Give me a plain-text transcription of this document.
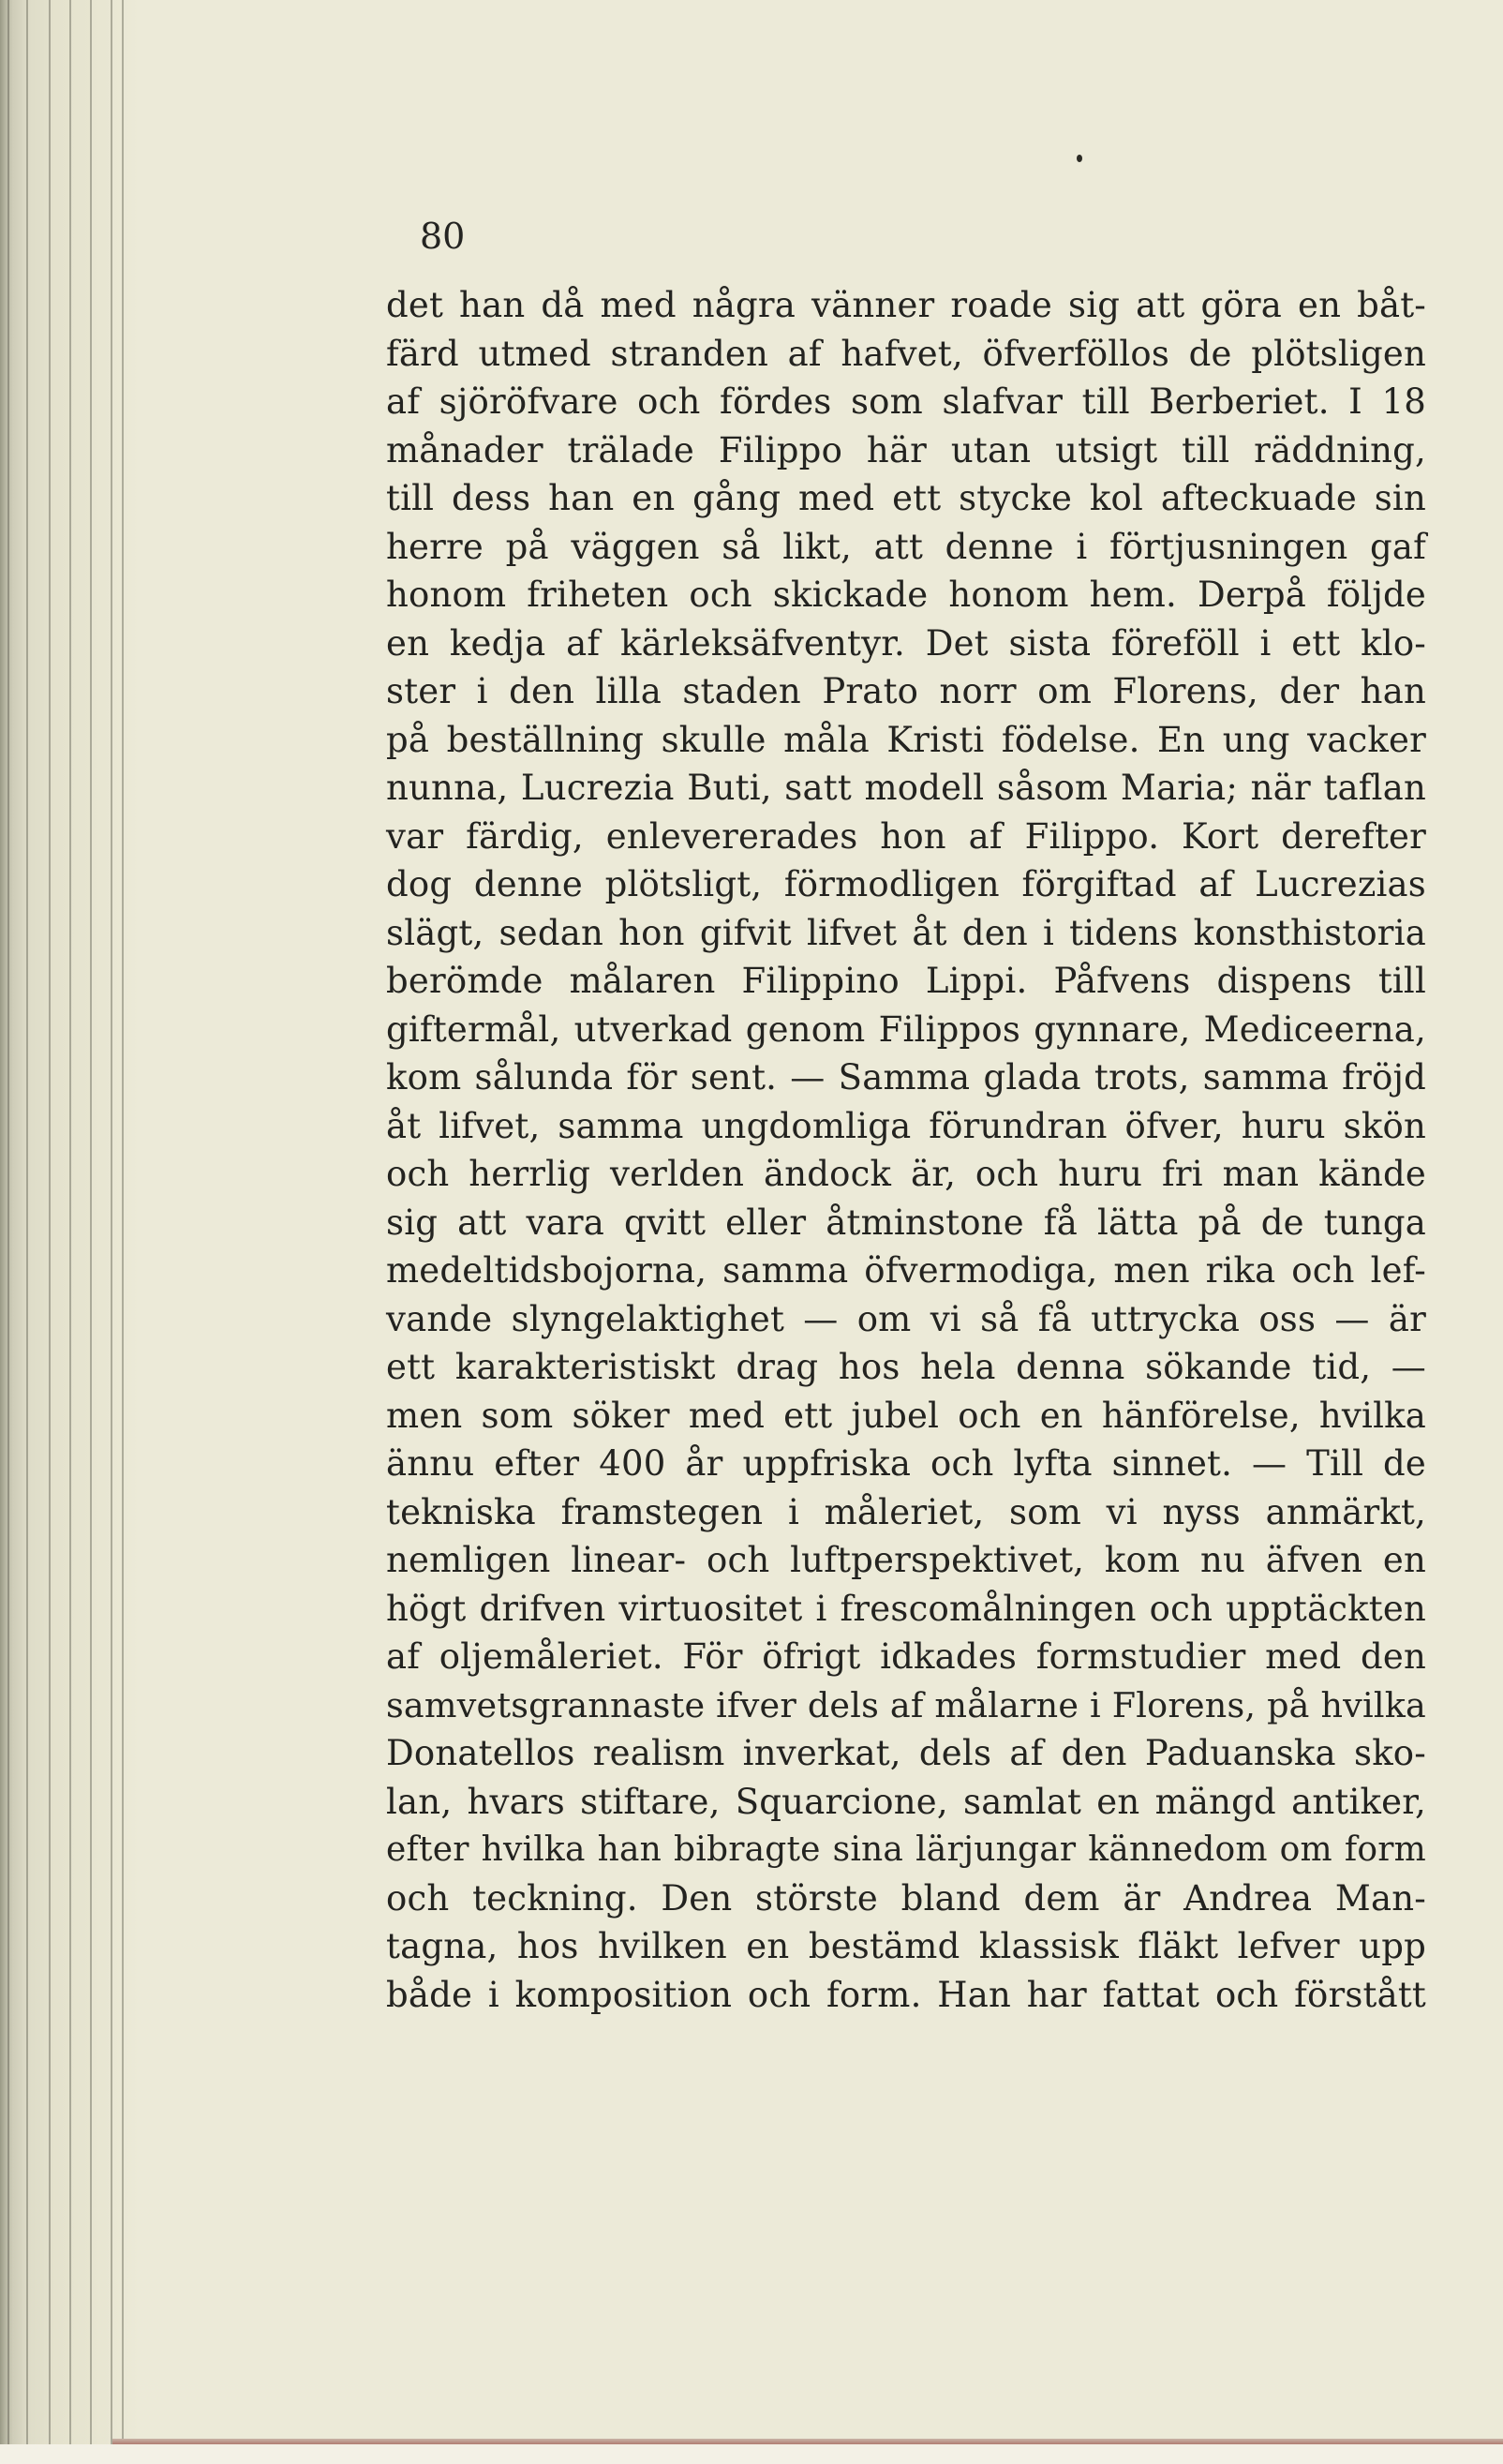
80

det han då med några vänner roade sig att göra en båt-
färd utmed stranden af hafvet, öfverföllos de plötsligen
af sjöröfvare och fördes som slafvar till Berberiet. I 18
månader trälade Filippo här utan utsigt till räddning,
till dess han en gång med ett stycke kol afteckuade sin
herre på väggen så likt, att denne i förtjusningen gaf
honom friheten och skickade honom hem. Derpå följde
en kedja af kärleksäfventyr. Det sista föreföll i ett klo-
ster i den lilla staden Prato norr om Florens, der han
på beställning skulle måla Kristi födelse. En ung vacker
nunna, Lucrezia Buti, satt modell såsom Maria; när taflan
var färdig, enlevererades hon af Filippo. Kort derefter
dog denne plötsligt, förmodligen förgiftad af Lucrezias
slägt, sedan hon gifvit lifvet åt den i tidens konsthistoria
berömde målaren Filippino Lippi. Påfvens dispens till
giftermål, utverkad genom Filippos gynnare, Mediceerna,
kom sålunda för sent. — Samma glada trots, samma fröjd
åt lifvet, samma ungdomliga förundran öfver, huru skön
och herrlig verlden ändock är, och huru fri man kände
sig att vara qvitt eller åtminstone få lätta på de tunga
medeltidsbojorna, samma öfvermodiga, men rika och lef-
vande slyngelaktighet — om vi så få uttrycka oss — är
ett karakteristiskt drag hos hela denna sökande tid, —
men som söker med ett jubel och en hänförelse, hvilka
ännu efter 400 år uppfriska och lyfta sinnet. — Till de
tekniska framstegen i måleriet, som vi nyss anmärkt,
nemligen linear- och luftperspektivet, kom nu äfven en
högt drifven virtuositet i frescomålningen och upptäckten
af oljemåleriet. För öfrigt idkades formstudier med den
samvetsgrannaste ifver dels af målarne i Florens, på hvilka
Donatellos realism inverkat, dels af den Paduanska sko-
lan, hvars stiftare, Squarcione, samlat en mängd antiker,
efter hvilka han bibragte sina lärjungar kännedom om form
och teckning. Den störste bland dem är Andrea Man-
tagna, hos hvilken en bestämd klassisk fläkt lefver upp
både i komposition och form. Han har fattat och förstått
